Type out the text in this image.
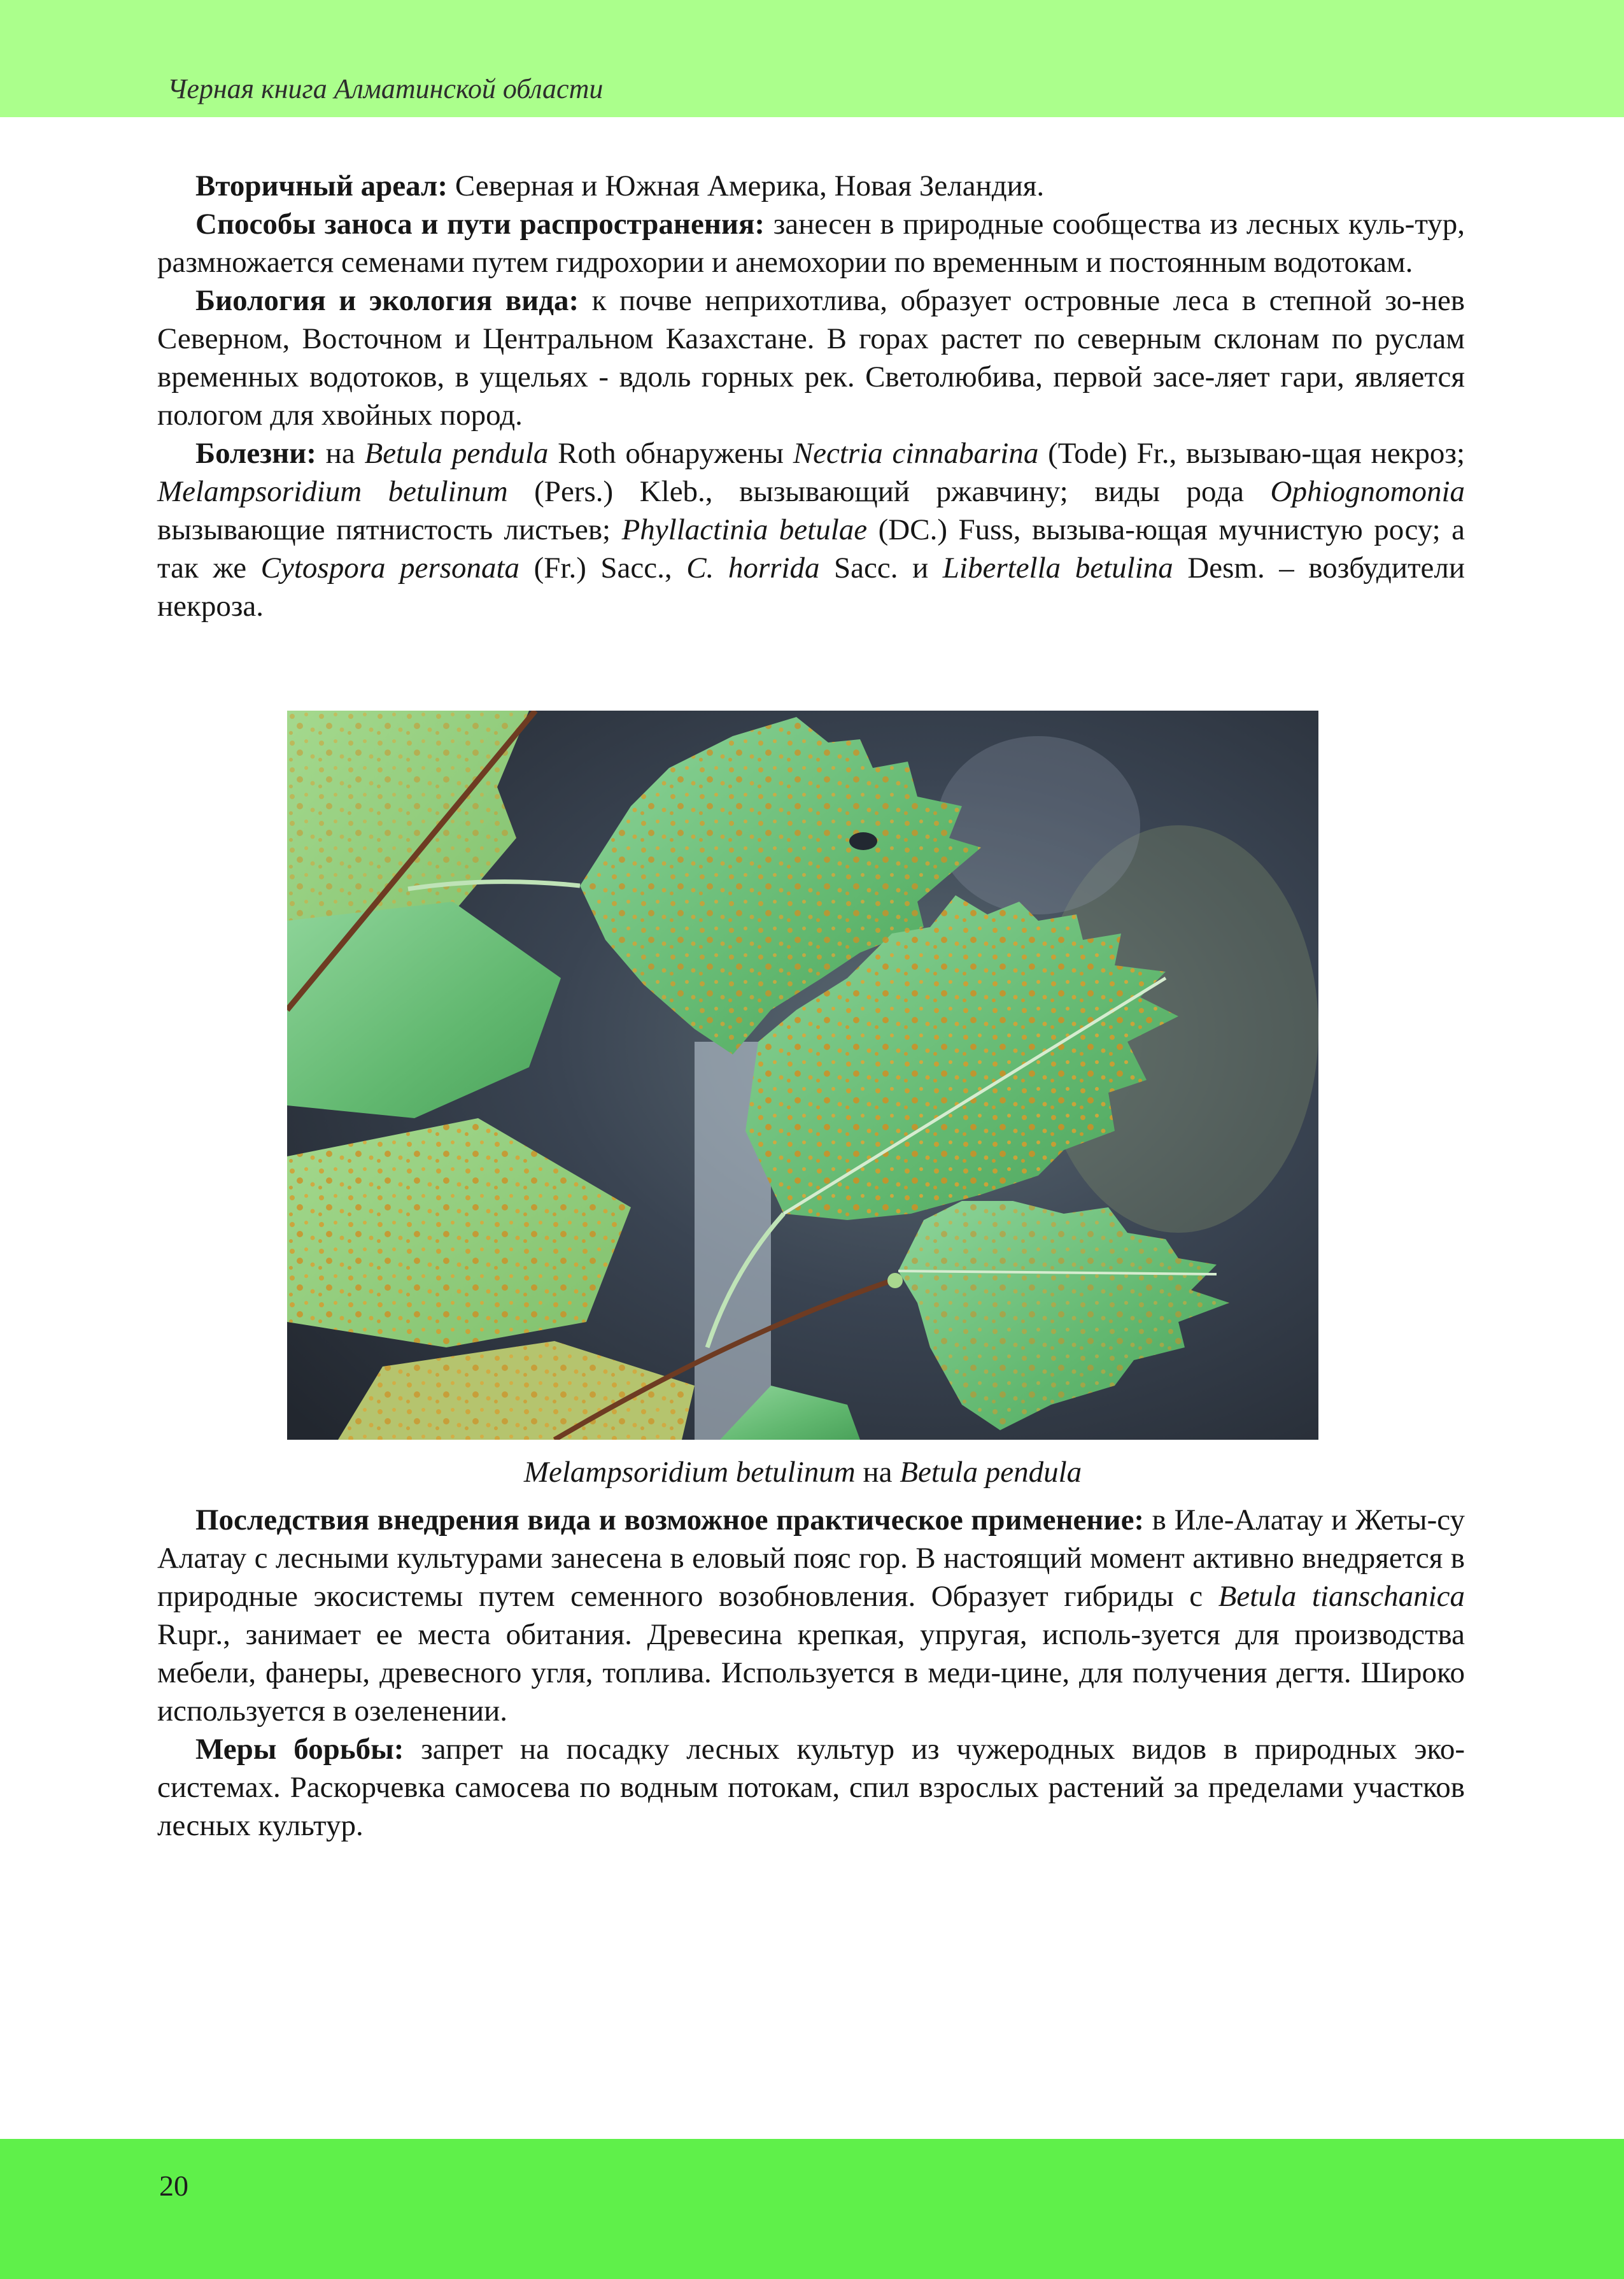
Черная книга Алматинской области

Вторичный ареал: Северная и Южная Америка, Новая Зеландия.

Способы заноса и пути распространения: занесен в природные сообщества из лесных куль-тур, размножается семенами путем гидрохории и анемохории по временным и постоянным водотокам.

Биология и экология вида: к почве неприхотлива, образует островные леса в степной зо-нев Северном, Восточном и Центральном Казахстане. В горах растет по северным склонам по руслам временных водотоков, в ущельях - вдоль горных рек. Светолюбива, первой засе-ляет гари, является пологом для хвойных пород.

Болезни: на Betula pendula Roth обнаружены Nectria cinnabarina (Tode) Fr., вызываю-щая некроз; Melampsoridium betulinum (Pers.) Kleb., вызывающий ржавчину; виды рода Ophiognomonia вызывающие пятнистость листьев; Phyllactinia betulae (DC.) Fuss, вызыва-ющая мучнистую росу; а так же Cytospora personata (Fr.) Sacc., C. horrida Sacc. и Libertella betulina Desm. – возбудители некроза.

Melampsoridium betulinum на Betula pendula

Последствия внедрения вида и возможное практическое применение: в Иле-Алатау и Жеты-су Алатау с лесными культурами занесена в еловый пояс гор. В настоящий момент активно внедряется в природные экосистемы путем семенного возобновления. Образует гибриды с Betula tianschanica Rupr., занимает ее места обитания. Древесина крепкая, упругая, исполь-зуется для производства мебели, фанеры, древесного угля, топлива. Используется в меди-цине, для получения дегтя. Широко используется в озеленении.

Меры борьбы: запрет на посадку лесных культур из чужеродных видов в природных эко-системах. Раскорчевка самосева по водным потокам, спил взрослых растений за пределами участков лесных культур.

20
